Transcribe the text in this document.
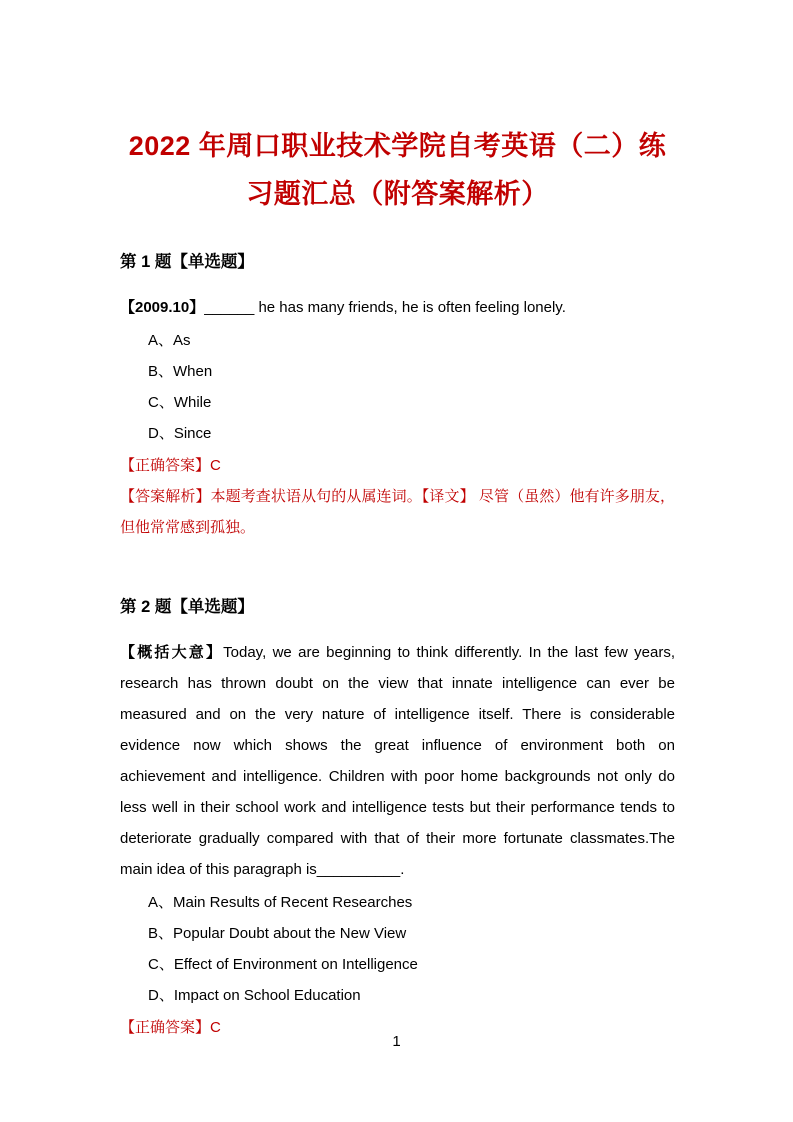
2022 年周口职业技术学院自考英语（二）练习题汇总（附答案解析）
第 1 题【单选题】

【2009.10】______ he has many friends, he is often feeling lonely.

A、As
B、When
C、While
D、Since

【正确答案】C

【答案解析】本题考查状语从句的从属连词。【译文】 尽管（虽然）他有许多朋友，但他常常感到孤独。

第 2 题【单选题】

【概括大意】Today, we are beginning to think differently. In the last few years, research has thrown doubt on the view that innate intelligence can ever be measured and on the very nature of intelligence itself. There is considerable evidence now which shows the great influence of environment both on achievement and intelligence. Children with poor home backgrounds not only do less well in their school work and intelligence tests but their performance tends to deteriorate gradually compared with that of their more fortunate classmates.The main idea of this paragraph is__________.

A、Main Results of Recent Researches
B、Popular Doubt about the New View
C、Effect of Environment on Intelligence
D、Impact on School Education

【正确答案】C

1
